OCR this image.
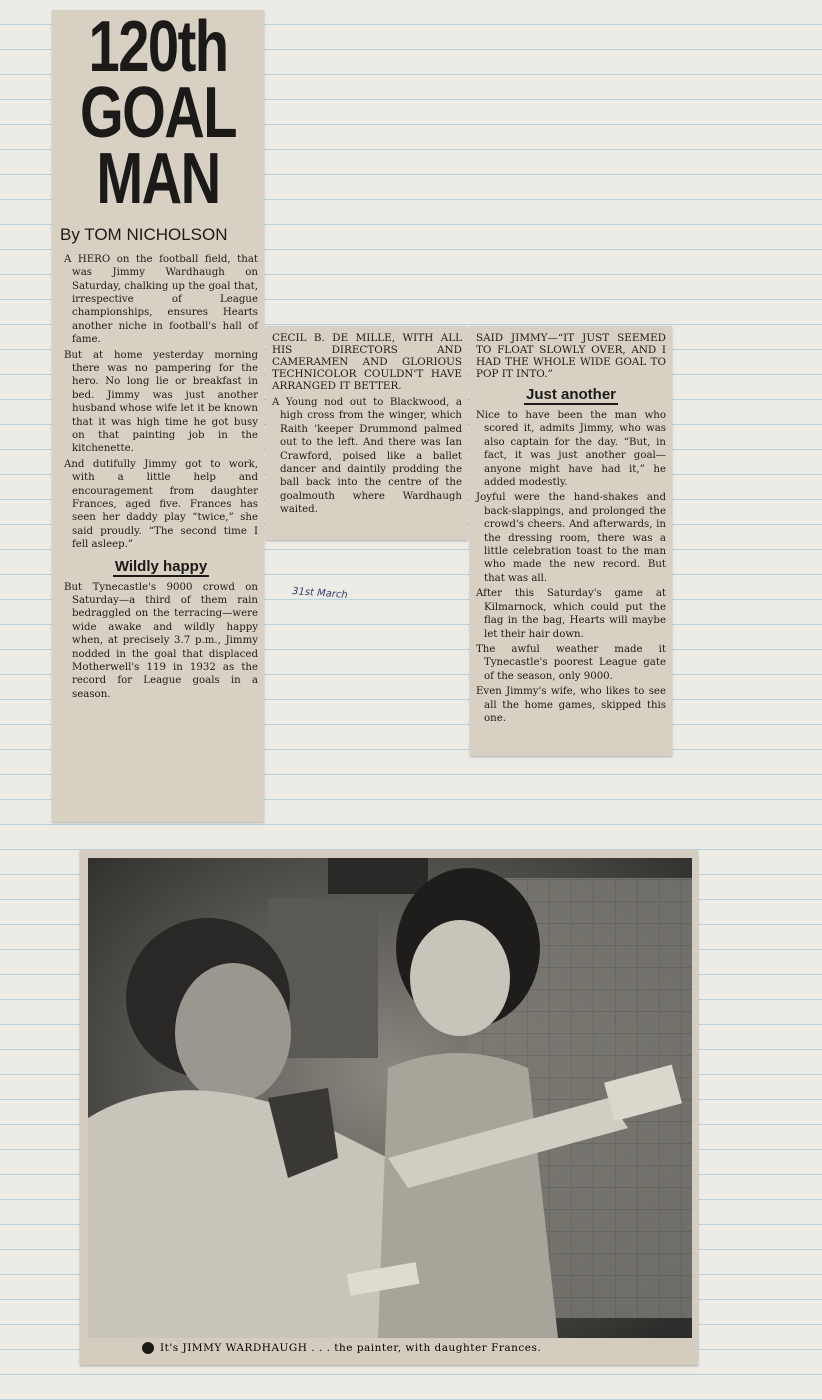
120th
GOAL
MAN
By TOM NICHOLSON

A HERO on the football field, that was Jimmy Wardhaugh on Saturday, chalking up the goal that, irrespective of League championships, ensures Hearts another niche in football's hall of fame.

But at home yesterday morning there was no pampering for the hero. No long lie or breakfast in bed. Jimmy was just another husband whose wife let it be known that it was high time he got busy on that painting job in the kitchenette.

And dutifully Jimmy got to work, with a little help and encouragement from daughter Frances, aged five. Frances has seen her daddy play “twice,” she said proudly. “The second time I fell asleep.”

Wildly happy

But Tynecastle's 9000 crowd on Saturday—a third of them rain bedraggled on the terracing—were wide awake and wildly happy when, at precisely 3.7 p.m., Jimmy nodded in the goal that displaced Motherwell's 119 in 1932 as the record for League goals in a season.

CECIL B. DE MILLE, WITH ALL HIS DIRECTORS AND CAMERAMEN AND GLORIOUS TECHNICOLOR COULDN'T HAVE ARRANGED IT BETTER.

A Young nod out to Blackwood, a high cross from the winger, which Raith 'keeper Drummond palmed out to the left. And there was Ian Crawford, poised like a ballet dancer and daintily prodding the ball back into the centre of the goalmouth where Wardhaugh waited.

SAID JIMMY—“IT JUST SEEMED TO FLOAT SLOWLY OVER, AND I HAD THE WHOLE WIDE GOAL TO POP IT INTO.”

Just another

Nice to have been the man who scored it, admits Jimmy, who was also captain for the day. “But, in fact, it was just another goal—anyone might have had it,” he added modestly.

Joyful were the hand-shakes and back-slappings, and prolonged the crowd's cheers. And afterwards, in the dressing room, there was a little celebration toast to the man who made the new record. But that was all.

After this Saturday's game at Kilmarnock, which could put the flag in the bag, Hearts will maybe let their hair down.

The awful weather made it Tynecastle's poorest League gate of the season, only 9000.

Even Jimmy's wife, who likes to see all the home games, skipped this one.

31st March
It's JIMMY WARDHAUGH . . . the painter, with daughter Frances.
